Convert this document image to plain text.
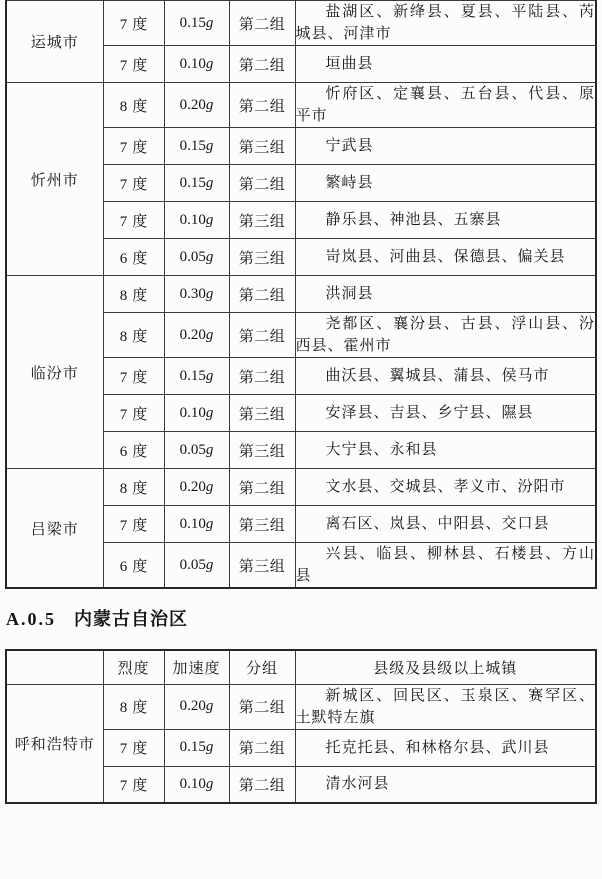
运城市	7 度	0.15g	第二组	盐湖区、新绛县、夏县、平陆县、芮城县、河津市

	7 度	0.10g	第二组	垣曲县

忻州市	8 度	0.20g	第二组	忻府区、定襄县、五台县、代县、原平市

	7 度	0.15g	第三组	宁武县

	7 度	0.15g	第二组	繁峙县

	7 度	0.10g	第三组	静乐县、神池县、五寨县

	6 度	0.05g	第三组	岢岚县、河曲县、保德县、偏关县

临汾市	8 度	0.30g	第二组	洪洞县

	8 度	0.20g	第二组	尧都区、襄汾县、古县、浮山县、汾西县、霍州市

	7 度	0.15g	第二组	曲沃县、翼城县、蒲县、侯马市

	7 度	0.10g	第三组	安泽县、吉县、乡宁县、隰县

	6 度	0.05g	第三组	大宁县、永和县

吕梁市	8 度	0.20g	第二组	文水县、交城县、孝义市、汾阳市

	7 度	0.10g	第三组	离石区、岚县、中阳县、交口县

	6 度	0.05g	第三组	兴县、临县、柳林县、石楼县、方山县

A.0.5 内蒙古自治区
	烈度	加速度	分组	县级及县级以上城镇
呼和浩特市	8 度	0.20g	第二组	新城区、回民区、玉泉区、赛罕区、土默特左旗

	7 度	0.15g	第二组	托克托县、和林格尔县、武川县

	7 度	0.10g	第二组	清水河县
